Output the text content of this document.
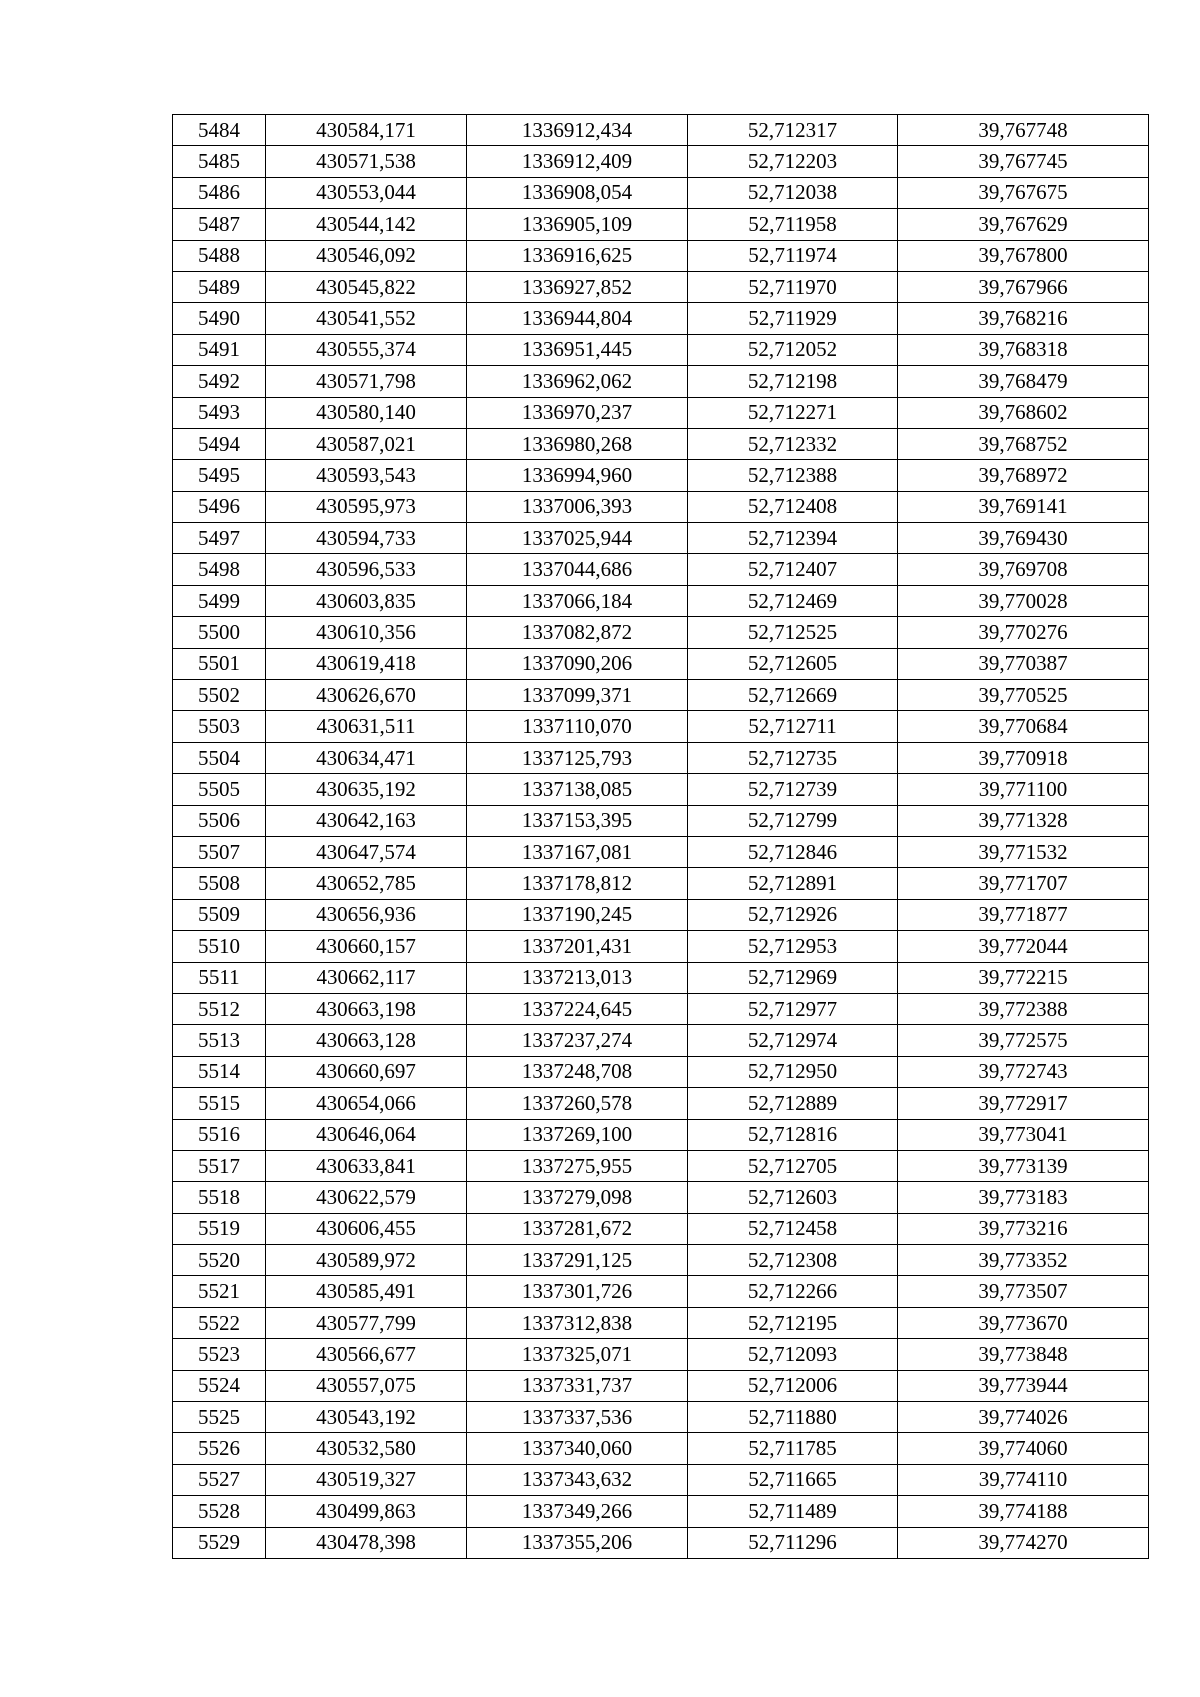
5484	430584,171	1336912,434	52,712317	39,767748
5485	430571,538	1336912,409	52,712203	39,767745
5486	430553,044	1336908,054	52,712038	39,767675
5487	430544,142	1336905,109	52,711958	39,767629
5488	430546,092	1336916,625	52,711974	39,767800
5489	430545,822	1336927,852	52,711970	39,767966
5490	430541,552	1336944,804	52,711929	39,768216
5491	430555,374	1336951,445	52,712052	39,768318
5492	430571,798	1336962,062	52,712198	39,768479
5493	430580,140	1336970,237	52,712271	39,768602
5494	430587,021	1336980,268	52,712332	39,768752
5495	430593,543	1336994,960	52,712388	39,768972
5496	430595,973	1337006,393	52,712408	39,769141
5497	430594,733	1337025,944	52,712394	39,769430
5498	430596,533	1337044,686	52,712407	39,769708
5499	430603,835	1337066,184	52,712469	39,770028
5500	430610,356	1337082,872	52,712525	39,770276
5501	430619,418	1337090,206	52,712605	39,770387
5502	430626,670	1337099,371	52,712669	39,770525
5503	430631,511	1337110,070	52,712711	39,770684
5504	430634,471	1337125,793	52,712735	39,770918
5505	430635,192	1337138,085	52,712739	39,771100
5506	430642,163	1337153,395	52,712799	39,771328
5507	430647,574	1337167,081	52,712846	39,771532
5508	430652,785	1337178,812	52,712891	39,771707
5509	430656,936	1337190,245	52,712926	39,771877
5510	430660,157	1337201,431	52,712953	39,772044
5511	430662,117	1337213,013	52,712969	39,772215
5512	430663,198	1337224,645	52,712977	39,772388
5513	430663,128	1337237,274	52,712974	39,772575
5514	430660,697	1337248,708	52,712950	39,772743
5515	430654,066	1337260,578	52,712889	39,772917
5516	430646,064	1337269,100	52,712816	39,773041
5517	430633,841	1337275,955	52,712705	39,773139
5518	430622,579	1337279,098	52,712603	39,773183
5519	430606,455	1337281,672	52,712458	39,773216
5520	430589,972	1337291,125	52,712308	39,773352
5521	430585,491	1337301,726	52,712266	39,773507
5522	430577,799	1337312,838	52,712195	39,773670
5523	430566,677	1337325,071	52,712093	39,773848
5524	430557,075	1337331,737	52,712006	39,773944
5525	430543,192	1337337,536	52,711880	39,774026
5526	430532,580	1337340,060	52,711785	39,774060
5527	430519,327	1337343,632	52,711665	39,774110
5528	430499,863	1337349,266	52,711489	39,774188
5529	430478,398	1337355,206	52,711296	39,774270
